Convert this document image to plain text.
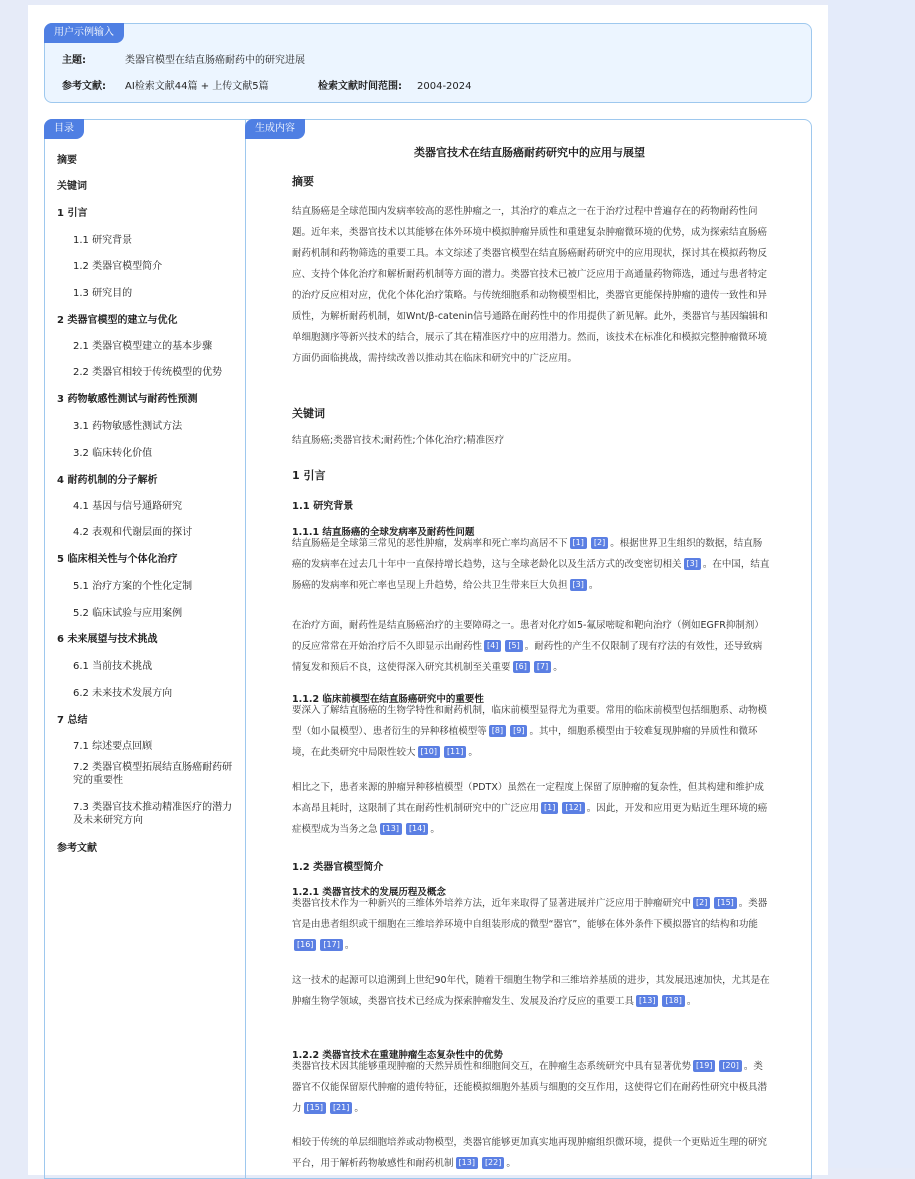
用户示例输入
主题:	类器官模型在结直肠癌耐药中的研究进展
参考文献: AI检索文献44篇 + 上传文献5篇	检索文献时间范围: 2004-2024
目录
摘要
关键词
1 引言
1.1 研究背景
1.2 类器官模型简介
1.3 研究目的
2 类器官模型的建立与优化
2.1 类器官模型建立的基本步骤
2.2 类器官相较于传统模型的优势
3 药物敏感性测试与耐药性预测
3.1 药物敏感性测试方法
3.2 临床转化价值
4 耐药机制的分子解析
4.1 基因与信号通路研究
4.2 表观和代谢层面的探讨
5 临床相关性与个体化治疗
5.1 治疗方案的个性化定制
5.2 临床试验与应用案例
6 未来展望与技术挑战
6.1 当前技术挑战
6.2 未来技术发展方向
7 总结
7.1 综述要点回顾
7.2 类器官模型拓展结直肠癌耐药研究的重要性
7.3 类器官技术推动精准医疗的潜力及未来研究方向
参考文献
生成内容
类器官技术在结直肠癌耐药研究中的应用与展望
摘要
结直肠癌是全球范围内发病率较高的恶性肿瘤之一，其治疗的难点之一在于治疗过程中普遍存在的药物耐药性问题。近年来，类器官技术以其能够在体外环境中模拟肿瘤异质性和重建复杂肿瘤微环境的优势，成为探索结直肠癌耐药机制和药物筛选的重要工具。本文综述了类器官模型在结直肠癌耐药研究中的应用现状，探讨其在模拟药物反应、支持个体化治疗和解析耐药机制等方面的潜力。类器官技术已被广泛应用于高通量药物筛选，通过与患者特定的治疗反应相对应，优化个体化治疗策略。与传统细胞系和动物模型相比，类器官更能保持肿瘤的遗传一致性和异质性，为解析耐药机制，如Wnt/β-catenin信号通路在耐药性中的作用提供了新见解。此外，类器官与基因编辑和单细胞测序等新兴技术的结合，展示了其在精准医疗中的应用潜力。然而，该技术在标准化和模拟完整肿瘤微环境方面仍面临挑战，需持续改善以推动其在临床和研究中的广泛应用。
关键词
结直肠癌;类器官技术;耐药性;个体化治疗;精准医疗
1 引言
1.1 研究背景
1.1.1 结直肠癌的全球发病率及耐药性问题
结直肠癌是全球第三常见的恶性肿瘤，发病率和死亡率均高居不下 [1] [2] 。根据世界卫生组织的数据，结直肠癌的发病率在过去几十年中一直保持增长趋势，这与全球老龄化以及生活方式的改变密切相关 [3] 。在中国，结直肠癌的发病率和死亡率也呈现上升趋势，给公共卫生带来巨大负担 [3] 。
在治疗方面，耐药性是结直肠癌治疗的主要障碍之一。患者对化疗如5-氟尿嘧啶和靶向治疗（例如EGFR抑制剂）的反应常常在开始治疗后不久即显示出耐药性 [4] [5] 。耐药性的产生不仅限制了现有疗法的有效性，还导致病情复发和预后不良，这使得深入研究其机制至关重要 [6] [7] 。
1.1.2 临床前模型在结直肠癌研究中的重要性
要深入了解结直肠癌的生物学特性和耐药机制，临床前模型显得尤为重要。常用的临床前模型包括细胞系、动物模型（如小鼠模型）、患者衍生的异种移植模型等 [8] [9] 。其中，细胞系模型由于较难复现肿瘤的异质性和微环境，在此类研究中局限性较大 [10] [11] 。
相比之下，患者来源的肿瘤异种移植模型（PDTX）虽然在一定程度上保留了原肿瘤的复杂性，但其构建和维护成本高昂且耗时，这限制了其在耐药性机制研究中的广泛应用 [1] [12] 。因此，开发和应用更为贴近生理环境的癌症模型成为当务之急 [13] [14] 。
1.2 类器官模型简介
1.2.1 类器官技术的发展历程及概念
类器官技术作为一种新兴的三维体外培养方法，近年来取得了显著进展并广泛应用于肿瘤研究中 [2] [15] 。类器官是由患者组织或干细胞在三维培养环境中自组装形成的微型“器官”，能够在体外条件下模拟器官的结构和功能[16] [17] 。
这一技术的起源可以追溯到上世纪90年代，随着干细胞生物学和三维培养基质的进步，其发展迅速加快，尤其是在肿瘤生物学领域，类器官技术已经成为探索肿瘤发生、发展及治疗反应的重要工具 [13] [18] 。
1.2.2 类器官技术在重建肿瘤生态复杂性中的优势
类器官技术因其能够重现肿瘤的天然异质性和细胞间交互，在肿瘤生态系统研究中具有显著优势 [19] [20] 。类器官不仅能保留原代肿瘤的遗传特征，还能模拟细胞外基质与细胞的交互作用，这使得它们在耐药性研究中极具潜力 [15] [21] 。
相较于传统的单层细胞培养或动物模型，类器官能够更加真实地再现肿瘤组织微环境，提供一个更贴近生理的研究平台，用于解析药物敏感性和耐药机制 [13] [22] 。
